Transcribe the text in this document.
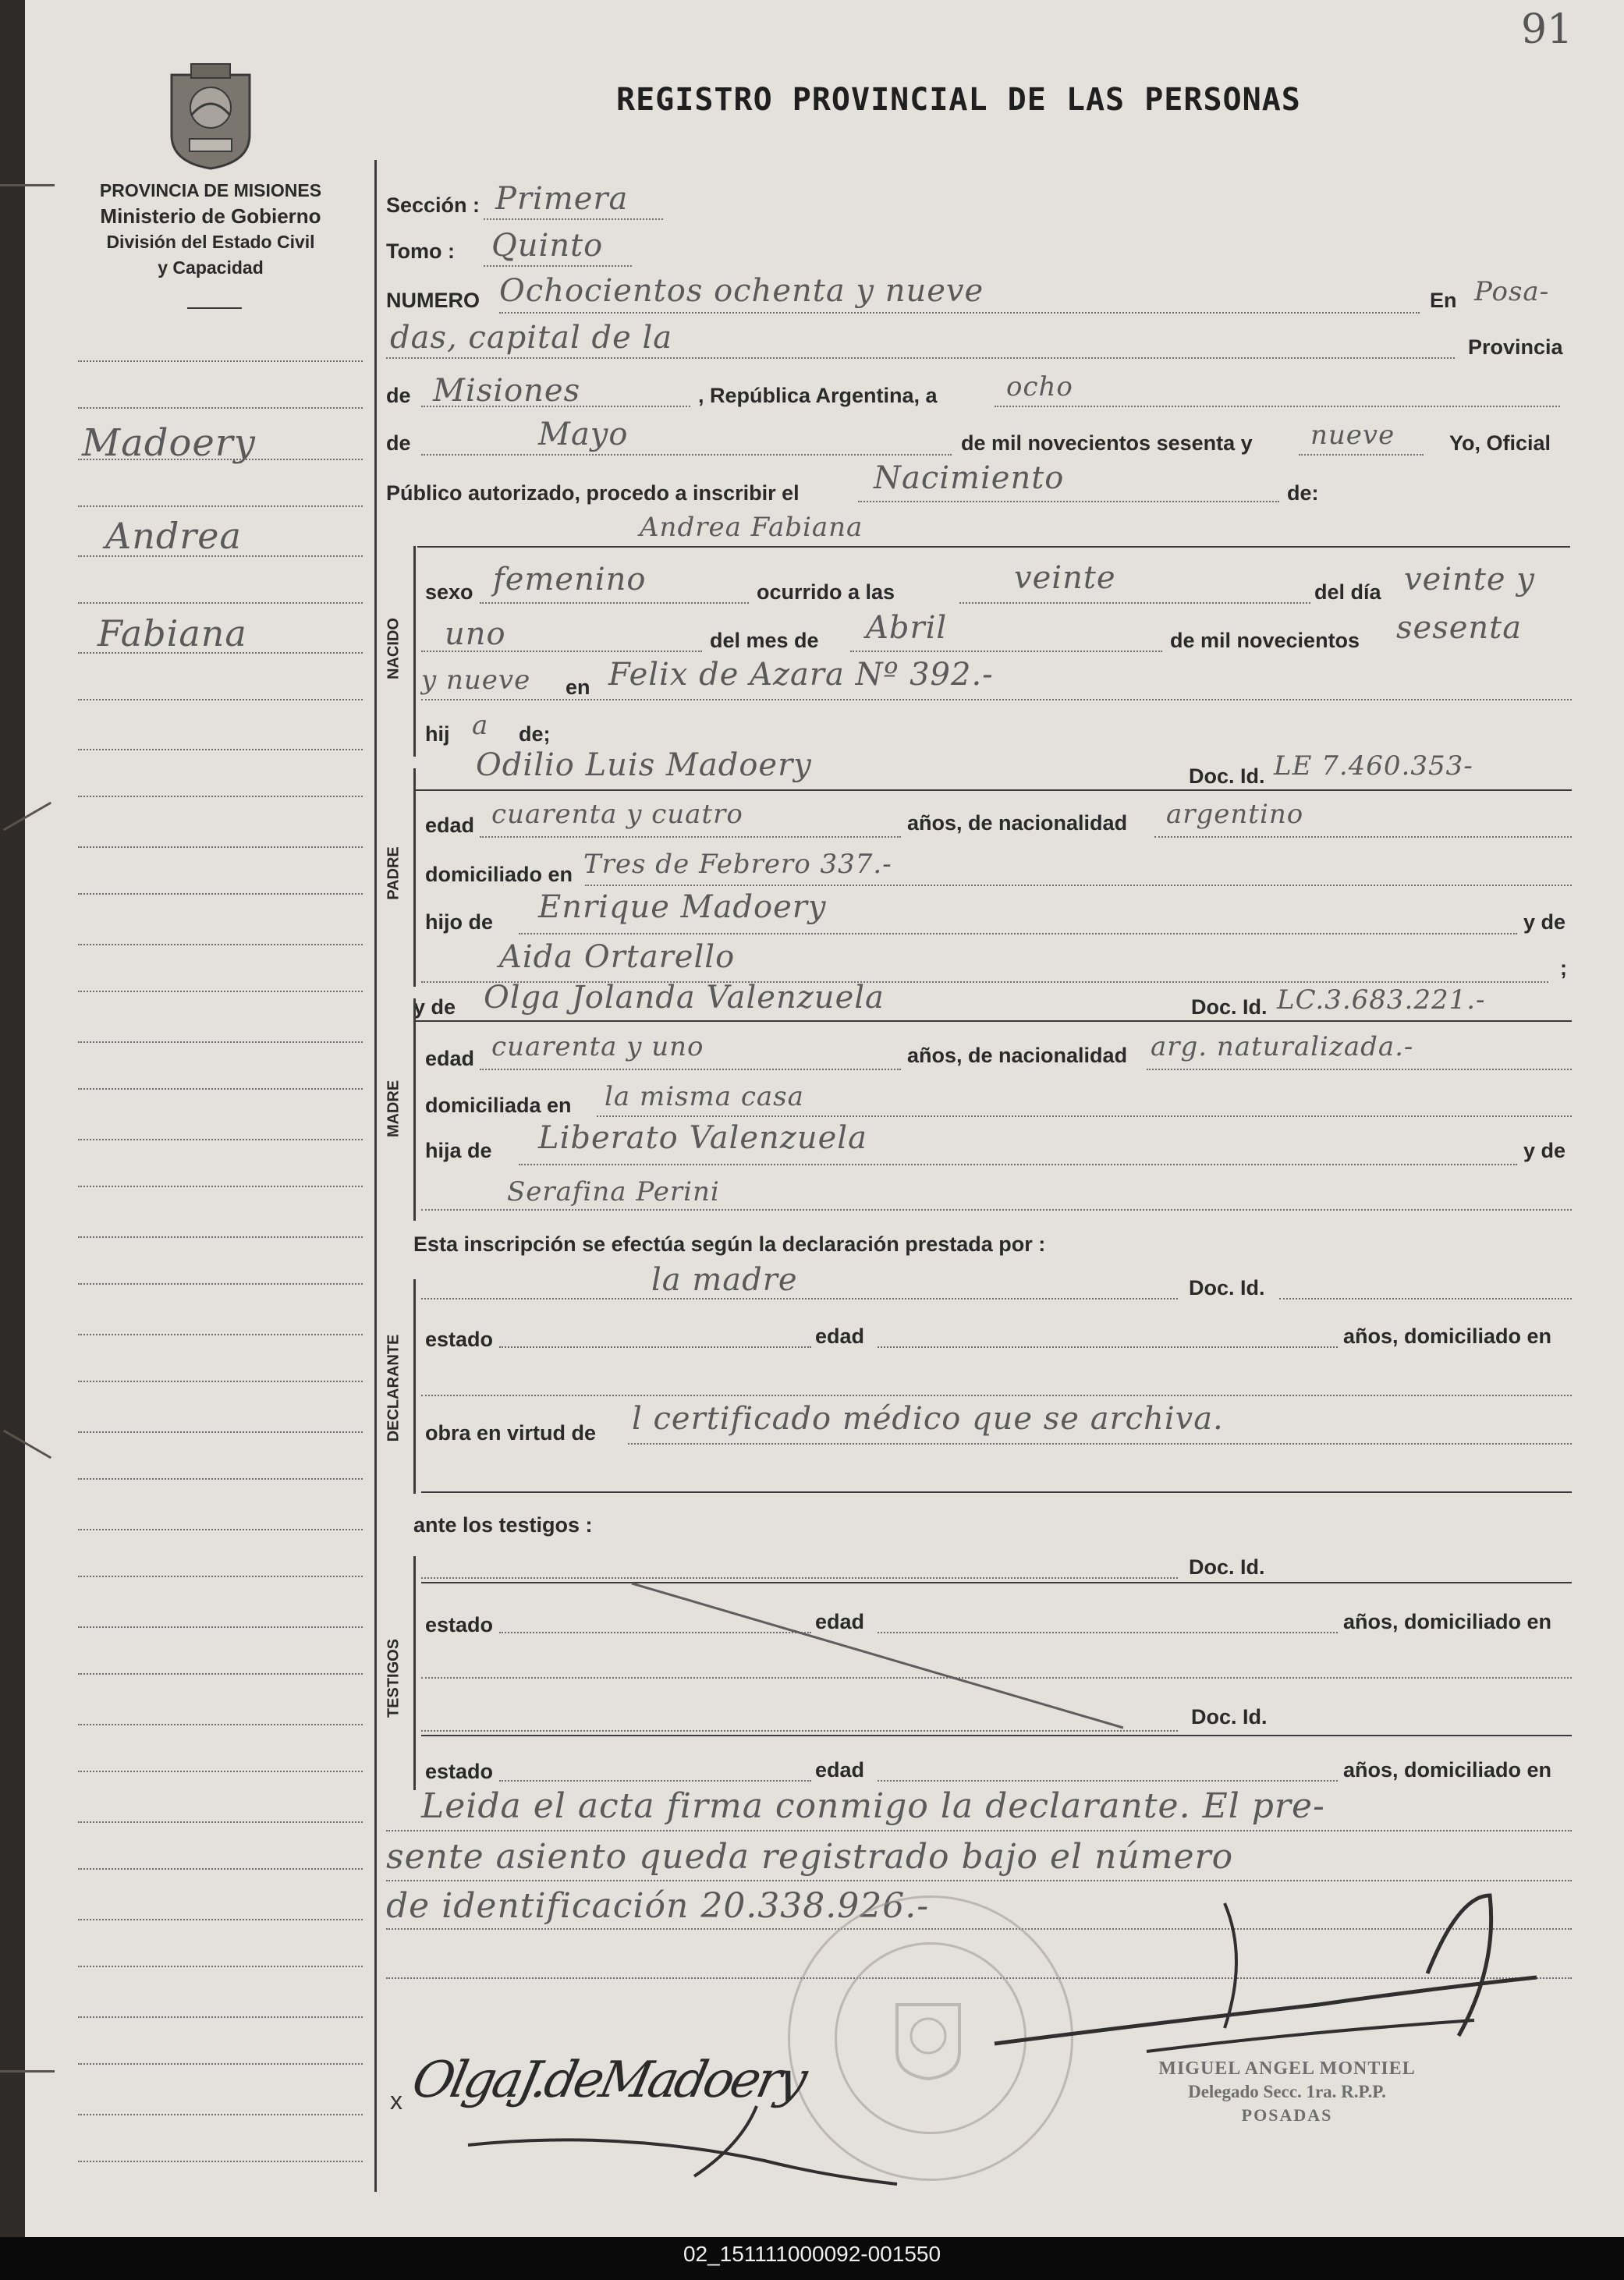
91
REGISTRO PROVINCIAL DE LAS PERSONAS
PROVINCIA DE MISIONES
Ministerio de Gobierno
División del Estado Civil
y Capacidad
Madoery
Andrea
Fabiana
Sección : Primera
Tomo : Quinto
NUMERO Ochocientos ochenta y nueve	En Posa-
das, capital de la	Provincia
de Misiones	, República Argentina, a	ocho
de	Mayo	de mil novecientos sesenta y nueve	Yo, Oficial
Público autorizado, procedo a inscribir el Nacimiento	de:
Andrea Fabiana
NACIDO
sexo femenino	ocurrido a las	veinte	del día veinte y
uno	del mes de Abril	de mil novecientos sesenta
y nueve en Felix de Azara Nº 392.-
hij a de;
Odilio Luis Madoery	Doc. Id. LE 7.460.353-
PADRE
edad cuarenta y cuatro	años, de nacionalidad argentino
domiciliado en Tres de Febrero 337.-
hijo de Enrique Madoery	y de
Aida Ortarello	;
y de Olga Jolanda Valenzuela	Doc. Id. LC.3.683.221.-
MADRE
edad cuarenta y uno	años, de nacionalidad arg. naturalizada.-
domiciliada en la misma casa
hija de Liberato Valenzuela	y de
Serafina Perini
Esta inscripción se efectúa según la declaración prestada por :
la madre	Doc. Id.
DECLARANTE estado	edad	años, domiciliado en
obra en virtud de l certificado médico que se archiva.
ante los testigos :
TESTIGOS
Doc. Id.
estado	edad	años, domiciliado en
Doc. Id.
estado	edad	años, domiciliado en
Leida el acta firma conmigo la declarante. El pre-
sente asiento queda registrado bajo el número
de identificación 20.338.926.-
MIGUEL ANGEL MONTIEL
Delegado Secc. 1ra. R.P.P.
POSADAS
x OlgaJ.deMadoery
02_151111000092-001550
